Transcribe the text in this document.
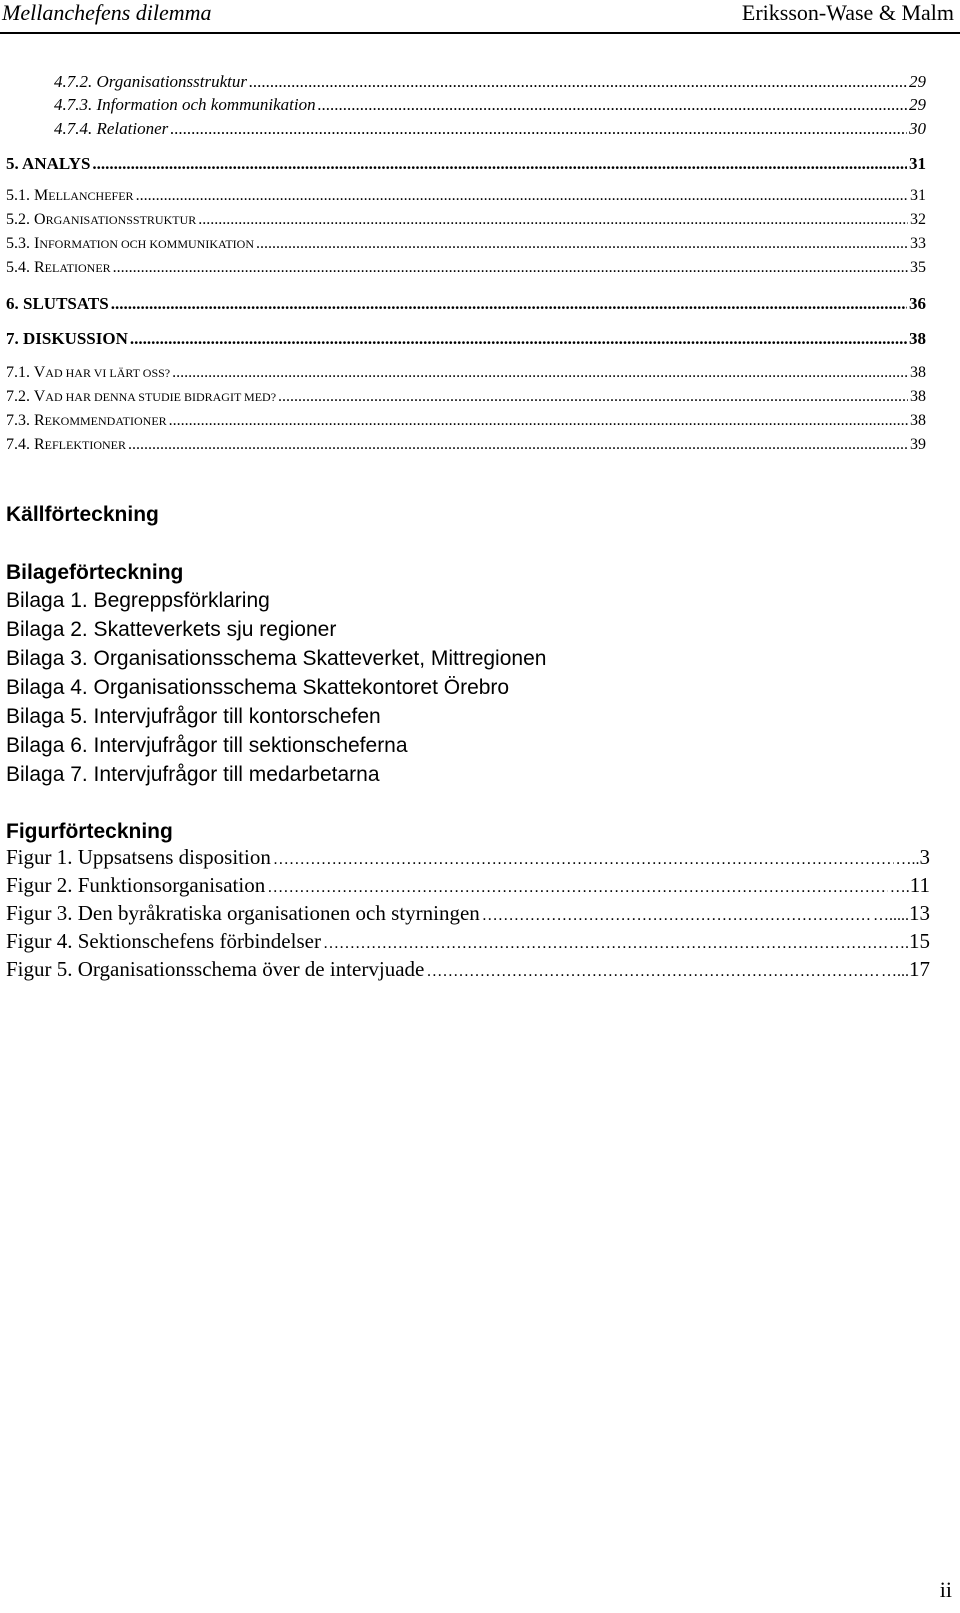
Mellanchefens dilemma	Eriksson-Wase & Malm
4.7.2. Organisationsstruktur .....	29
4.7.3. Information och kommunikation .....	29
4.7.4. Relationer .....	30
5. ANALYS .....	31
5.1. MELLANCHEFER .....	31
5.2. ORGANISATIONSSTRUKTUR .....	32
5.3. INFORMATION OCH KOMMUNIKATION .....	33
5.4. RELATIONER .....	35
6. SLUTSATS .....	36
7. DISKUSSION .....	38
7.1. VAD HAR VI LÄRT OSS? .....	38
7.2. VAD HAR DENNA STUDIE BIDRAGIT MED? .....	38
7.3. REKOMMENDATIONER .....	38
7.4. REFLEKTIONER .....	39
Källförteckning
Bilageförteckning
Bilaga 1. Begreppsförklaring
Bilaga 2. Skatteverkets sju regioner
Bilaga 3. Organisationsschema Skatteverket, Mittregionen
Bilaga 4. Organisationsschema Skattekontoret Örebro
Bilaga 5. Intervjufrågor till kontorschefen
Bilaga 6. Intervjufrågor till sektionscheferna
Bilaga 7. Intervjufrågor till medarbetarna
Figurförteckning
Figur 1. Uppsatsens disposition ……………………………………………………………………………………………………………………………………………………	….. 3
Figur 2. Funktionsorganisation ……………………………………………………………………………………………………………………………………………………	…. 11
Figur 3. Den byråkratiska organisationen och styrningen ……………………………………………………………………………………………………………………………………………………	…..... 13
Figur 4. Sektionschefens förbindelser ……………………………………………………………………………………………………………………………………………………	…. 15
Figur 5. Organisationsschema över de intervjuade ……………………………………………………………………………………………………………………………………………………	…... 17
ii
